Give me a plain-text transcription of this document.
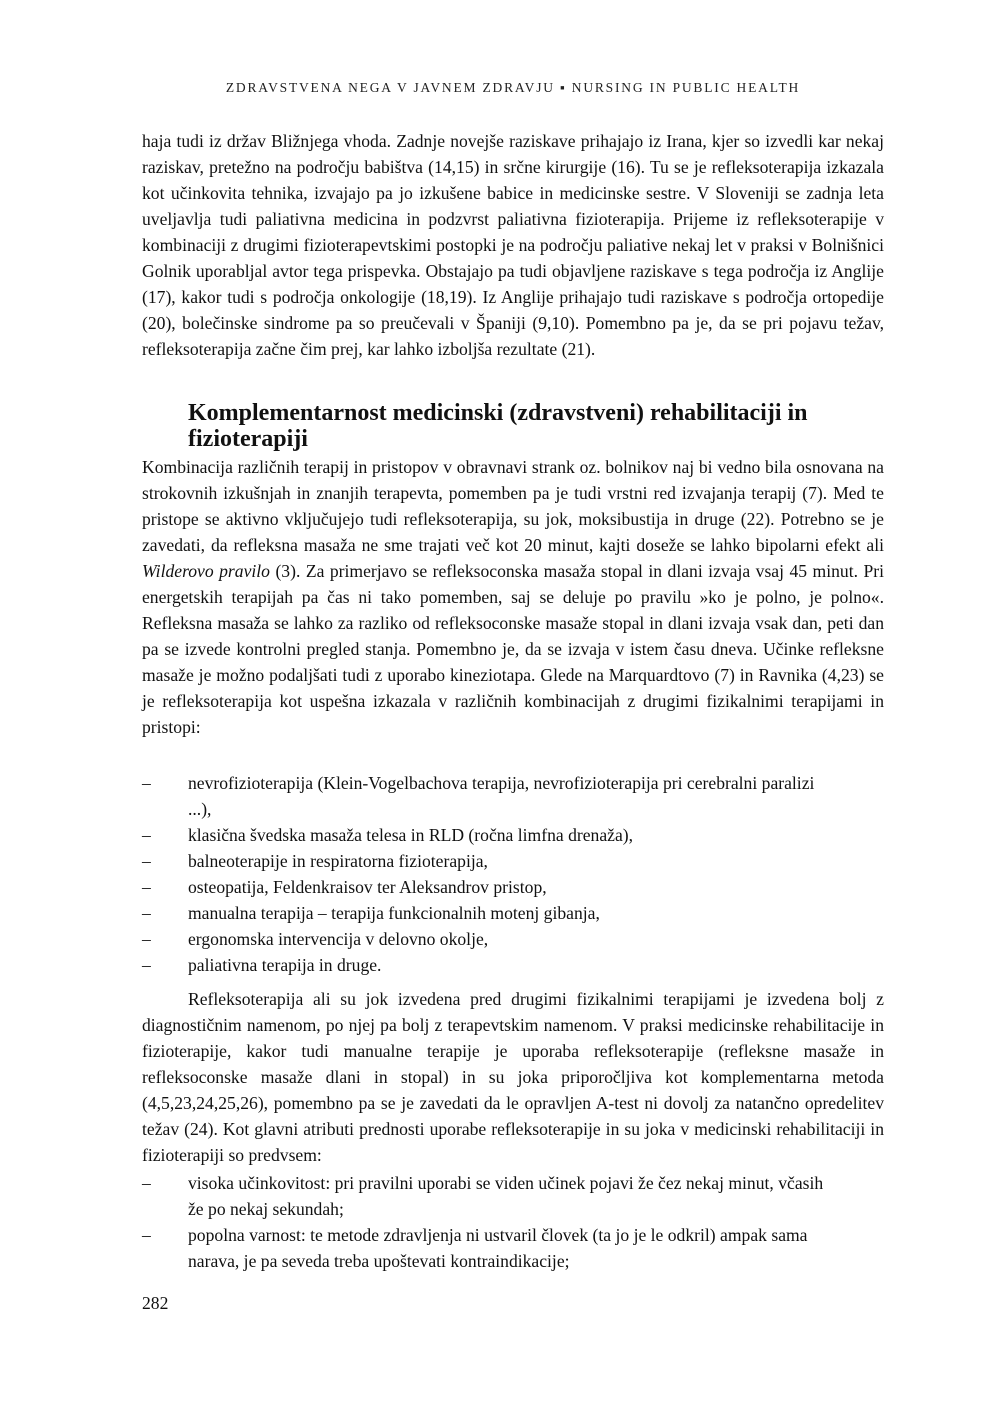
ZDRAVSTVENA NEGA V JAVNEM ZDRAVJU ▪ NURSING IN PUBLIC HEALTH

haja tudi iz držav Bližnjega vhoda. Zadnje novejše raziskave prihajajo iz Irana, kjer so izvedli kar nekaj raziskav, pretežno na področju babištva (14,15) in srčne kirurgije (16). Tu se je refleksoterapija izkazala kot učinkovita tehnika, izvajajo pa jo izkušene babice in medicinske sestre. V Sloveniji se zadnja leta uveljavlja tudi paliativna medicina in podzvrst paliativna fizioterapija. Prijeme iz refleksoterapije v kombinaciji z drugimi fizioterapevtskimi postopki je na področju paliative nekaj let v praksi v Bolnišnici Golnik uporabljal avtor tega prispevka. Obstajajo pa tudi objavljene raziskave s tega področja iz Anglije (17), kakor tudi s področja onkologije (18,19). Iz Anglije prihajajo tudi raziskave s področja ortopedije (20), bolečinske sindrome pa so preučevali v Španiji (9,10). Pomembno pa je, da se pri pojavu težav, refleksoterapija začne čim prej, kar lahko izboljša rezultate (21).

Komplementarnost medicinski (zdravstveni) rehabilitaciji in fizioterapiji

Kombinacija različnih terapij in pristopov v obravnavi strank oz. bolnikov naj bi vedno bila osnovana na strokovnih izkušnjah in znanjih terapevta, pomemben pa je tudi vrstni red izvajanja terapij (7). Med te pristope se aktivno vključujejo tudi refleksoterapija, su jok, moksibustija in druge (22). Potrebno se je zavedati, da refleksna masaža ne sme trajati več kot 20 minut, kajti doseže se lahko bipolarni efekt ali Wilderovo pravilo (3). Za primerjavo se refleksoconska masaža stopal in dlani izvaja vsaj 45 minut. Pri energetskih terapijah pa čas ni tako pomemben, saj se deluje po pravilu »ko je polno, je polno«. Refleksna masaža se lahko za razliko od refleksoconske masaže stopal in dlani izvaja vsak dan, peti dan pa se izvede kontrolni pregled stanja. Pomembno je, da se izvaja v istem času dneva. Učinke refleksne masaže je možno podaljšati tudi z uporabo kineziotapa. Glede na Marquardtovo (7) in Ravnika (4,23) se je refleksoterapija kot uspešna izkazala v različnih kombinacijah z drugimi fizikalnimi terapijami in pristopi:

– nevrofizioterapija (Klein-Vogelbachova terapija, nevrofizioterapija pri cerebralni paralizi ...),
– klasična švedska masaža telesa in RLD (ročna limfna drenaža),
– balneoterapije in respiratorna fizioterapija,
– osteopatija, Feldenkraisov ter Aleksandrov pristop,
– manualna terapija – terapija funkcionalnih motenj gibanja,
– ergonomska intervencija v delovno okolje,
– paliativna terapija in druge.

Refleksoterapija ali su jok izvedena pred drugimi fizikalnimi terapijami je izvedena bolj z diagnostičnim namenom, po njej pa bolj z terapevtskim namenom. V praksi medicinske rehabilitacije in fizioterapije, kakor tudi manualne terapije je uporaba refleksoterapije (refleksne masaže in refleksoconske masaže dlani in stopal) in su joka priporočljiva kot komplementarna metoda (4,5,23,24,25,26), pomembno pa se je zavedati da le opravljen A-test ni dovolj za natančno opredelitev težav (24). Kot glavni atributi prednosti uporabe refleksoterapije in su joka v medicinski rehabilitaciji in fizioterapiji so predvsem:

– visoka učinkovitost: pri pravilni uporabi se viden učinek pojavi že čez nekaj minut, včasih že po nekaj sekundah;
– popolna varnost: te metode zdravljenja ni ustvaril človek (ta jo je le odkril) ampak sama narava, je pa seveda treba upoštevati kontraindikacije;
282
